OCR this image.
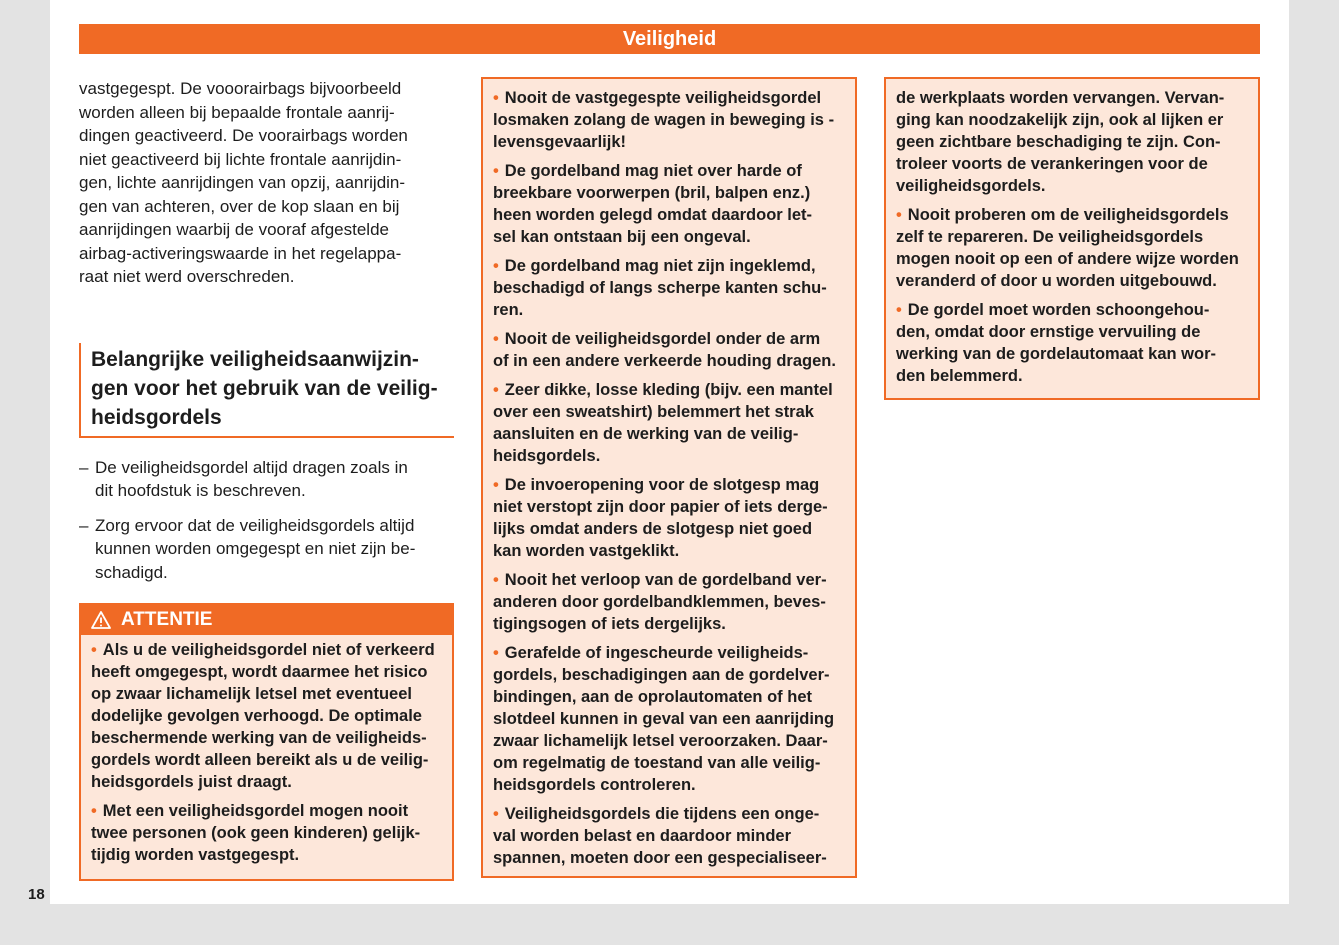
Veiligheid

vastgegespt. De vooorairbags bijvoorbeeld
worden alleen bij bepaalde frontale aanrij-
dingen geactiveerd. De voorairbags worden
niet geactiveerd bij lichte frontale aanrijdin-
gen, lichte aanrijdingen van opzij, aanrijdin-
gen van achteren, over de kop slaan en bij
aanrijdingen waarbij de vooraf afgestelde
airbag-activeringswaarde in het regelappa-
raat niet werd overschreden.

Belangrijke veiligheidsaanwijzin-
gen voor het gebruik van de veilig-
heidsgordels
– De veiligheidsgordel altijd dragen zoals in
dit hoofdstuk is beschreven.
– Zorg ervoor dat de veiligheidsgordels altijd
kunnen worden omgegespt en niet zijn be-
schadigd.
ATTENTIE

• Als u de veiligheidsgordel niet of verkeerd
heeft omgegespt, wordt daarmee het risico
op zwaar lichamelijk letsel met eventueel
dodelijke gevolgen verhoogd. De optimale
beschermende werking van de veiligheids-
gordels wordt alleen bereikt als u de veilig-
heidsgordels juist draagt.

• Met een veiligheidsgordel mogen nooit
twee personen (ook geen kinderen) gelijk-
tijdig worden vastgegespt.

• Nooit de vastgegespte veiligheidsgordel
losmaken zolang de wagen in beweging is -
levensgevaarlijk!

• De gordelband mag niet over harde of
breekbare voorwerpen (bril, balpen enz.)
heen worden gelegd omdat daardoor let-
sel kan ontstaan bij een ongeval.

• De gordelband mag niet zijn ingeklemd,
beschadigd of langs scherpe kanten schu-
ren.

• Nooit de veiligheidsgordel onder de arm
of in een andere verkeerde houding dragen.

• Zeer dikke, losse kleding (bijv. een mantel
over een sweatshirt) belemmert het strak
aansluiten en de werking van de veilig-
heidsgordels.

• De invoeropening voor de slotgesp mag
niet verstopt zijn door papier of iets derge-
lijks omdat anders de slotgesp niet goed
kan worden vastgeklikt.

• Nooit het verloop van de gordelband ver-
anderen door gordelbandklemmen, beves-
tigingsogen of iets dergelijks.

• Gerafelde of ingescheurde veiligheids-
gordels, beschadigingen aan de gordelver-
bindingen, aan de oprolautomaten of het
slotdeel kunnen in geval van een aanrijding
zwaar lichamelijk letsel veroorzaken. Daar-
om regelmatig de toestand van alle veilig-
heidsgordels controleren.

• Veiligheidsgordels die tijdens een onge-
val worden belast en daardoor minder
spannen, moeten door een gespecialiseer-

de werkplaats worden vervangen. Vervan-
ging kan noodzakelijk zijn, ook al lijken er
geen zichtbare beschadiging te zijn. Con-
troleer voorts de verankeringen voor de
veiligheidsgordels.

• Nooit proberen om de veiligheidsgordels
zelf te repareren. De veiligheidsgordels
mogen nooit op een of andere wijze worden
veranderd of door u worden uitgebouwd.

• De gordel moet worden schoongehou-
den, omdat door ernstige vervuiling de
werking van de gordelautomaat kan wor-
den belemmerd.

18
